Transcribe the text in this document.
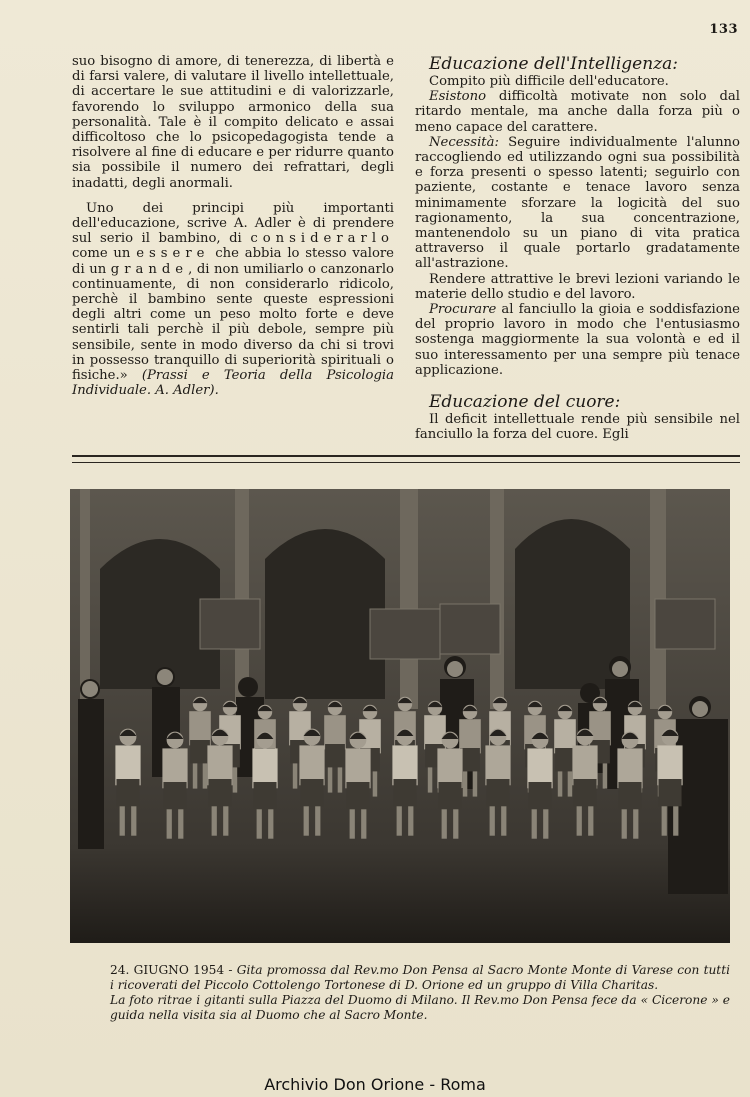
133

suo bisogno di amore, di tenerezza, di libertà e di farsi valere, di valutare il livello intellettuale, di accertare le sue attitudini e di valorizzarle, favorendo lo sviluppo armonico della sua personalità. Tale è il compito delicato e assai difficoltoso che lo psicopedagogista tende a risolvere al fine di educare e per ridurre quanto sia possibile il numero dei refrattari, degli inadatti, degli anormali.

Uno dei principi più importanti dell'educazione, scrive A. Adler è di prendere sul serio il bambino, di considerarlo come un essere che abbia lo stesso valore di un grande, di non umiliarlo o canzonarlo continuamente, di non considerarlo ridicolo, perchè il bambino sente queste espressioni degli altri come un peso molto forte e deve sentirli tali perchè il più debole, sempre più sensibile, sente in modo diverso da chi si trovi in possesso tranquillo di superiorità spirituali o fisiche.» (Prassi e Teoria della Psicologia Individuale. A. Adler).

Educazione dell'Intelligenza:

Compito più difficile dell'educatore.

Esistono difficoltà motivate non solo dal ritardo mentale, ma anche dalla forza più o meno capace del carattere.

Necessità: Seguire individualmente l'alunno raccogliendo ed utilizzando ogni sua possibilità e forza presenti o spesso latenti; seguirlo con paziente, costante e tenace lavoro senza minimamente sforzare la logicità del suo ragionamento, la sua concentrazione, mantenendolo su un piano di vita pratica attraverso il quale portarlo gradatamente all'astrazione.

Rendere attrattive le brevi lezioni variando le materie dello studio e del lavoro.

Procurare al fanciullo la gioia e soddisfazione del proprio lavoro in modo che l'entusiasmo sostenga maggiormente la sua volontà e ed il suo interessamento per una sempre più tenace applicazione.

Educazione del cuore:

Il deficit intellettuale rende più sensibile nel fanciullo la forza del cuore. Egli

24. GIUGNO 1954 - Gita promossa dal Rev.mo Don Pensa al Sacro Monte Monte di Varese con tutti i ricoverati del Piccolo Cottolengo Tortonese di D. Orione ed un gruppo di Villa Charitas.

La foto ritrae i gitanti sulla Piazza del Duomo di Milano. Il Rev.mo Don Pensa fece da « Cicerone » e guida nella visita sia al Duomo che al Sacro Monte.

Archivio Don Orione - Roma
